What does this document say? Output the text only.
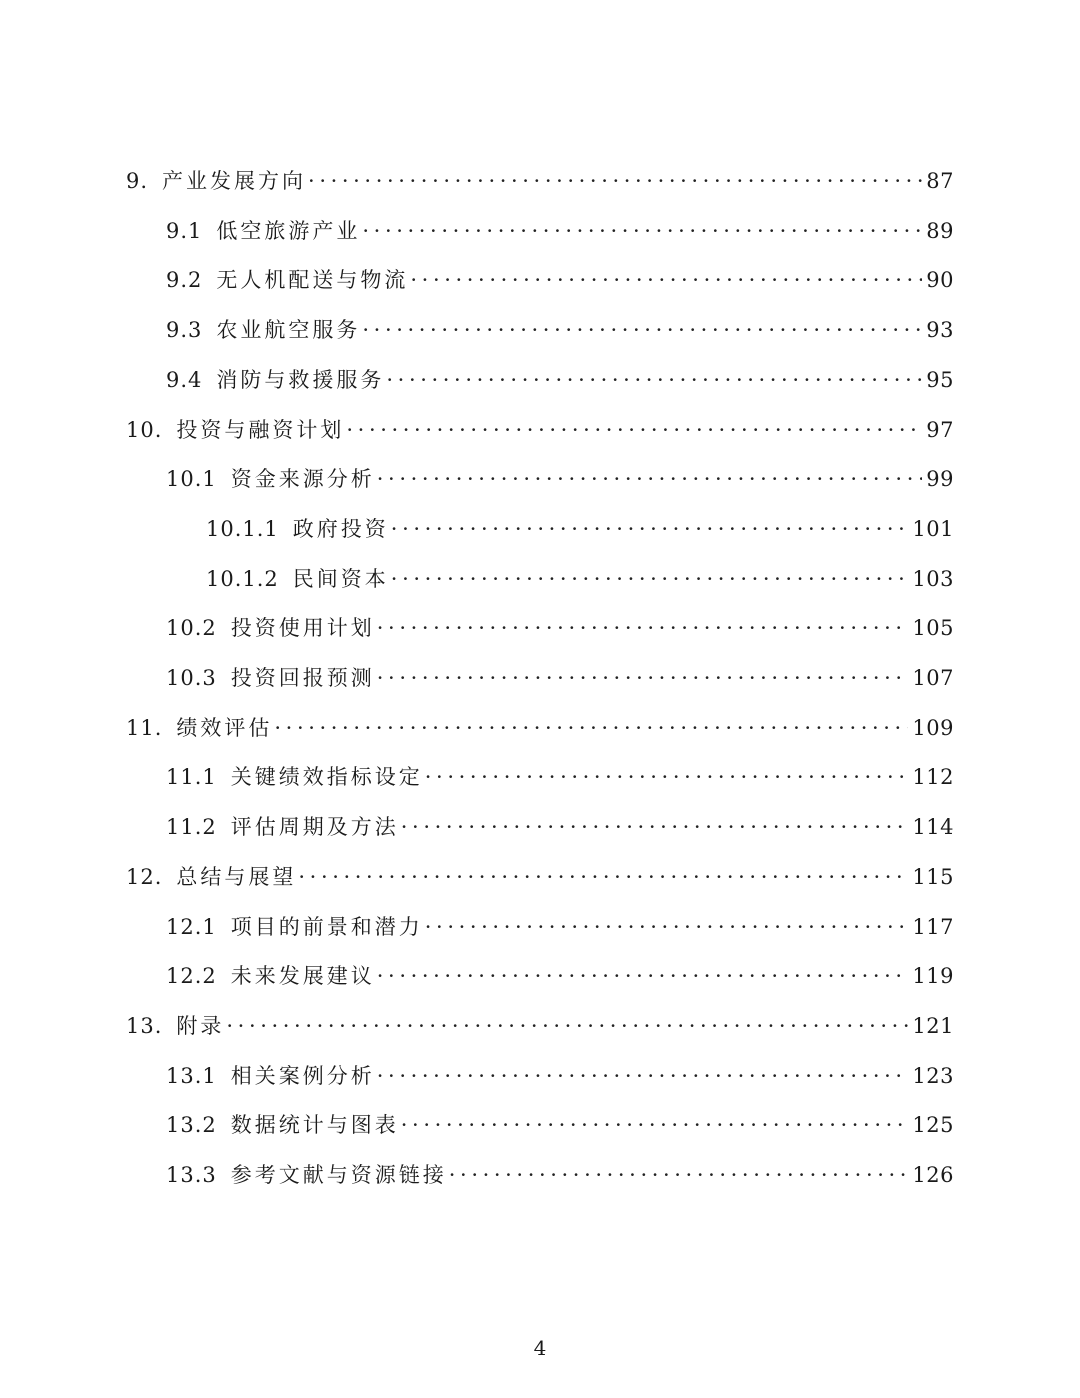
9. 产业发展方向 ·····	87
9.1 低空旅游产业 ·····	89
9.2 无人机配送与物流 ·····	90
9.3 农业航空服务 ·····	93
9.4 消防与救援服务 ·····	95
10. 投资与融资计划 ·····	97
10.1 资金来源分析 ·····	99
10.1.1 政府投资 ·····	101
10.1.2 民间资本 ·····	103
10.2 投资使用计划 ·····	105
10.3 投资回报预测 ·····	107
11. 绩效评估 ·····	109
11.1 关键绩效指标设定 ·····	112
11.2 评估周期及方法 ·····	114
12. 总结与展望 ·····	115
12.1 项目的前景和潜力 ·····	117
12.2 未来发展建议 ·····	119
13. 附录 ·····	121
13.1 相关案例分析 ·····	123
13.2 数据统计与图表 ·····	125
13.3 参考文献与资源链接 ·····	126
4
